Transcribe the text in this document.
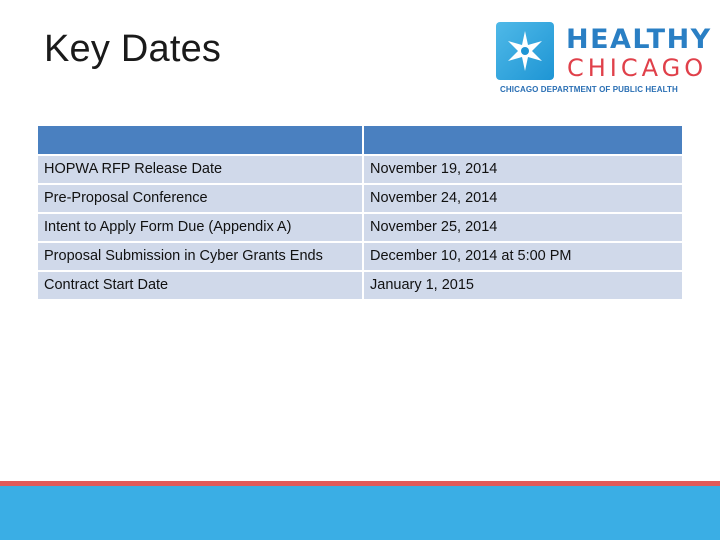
Key Dates	HEALTHY
CHICAGO
CHICAGO DEPARTMENT OF PUBLIC HEALTH

HOPWA RFP Release Date	November 19, 2014
Pre-Proposal Conference	November 24, 2014
Intent to Apply Form Due (Appendix A)	November 25, 2014
Proposal Submission in Cyber Grants Ends	December 10, 2014 at 5:00 PM
Contract Start Date	January 1, 2015
